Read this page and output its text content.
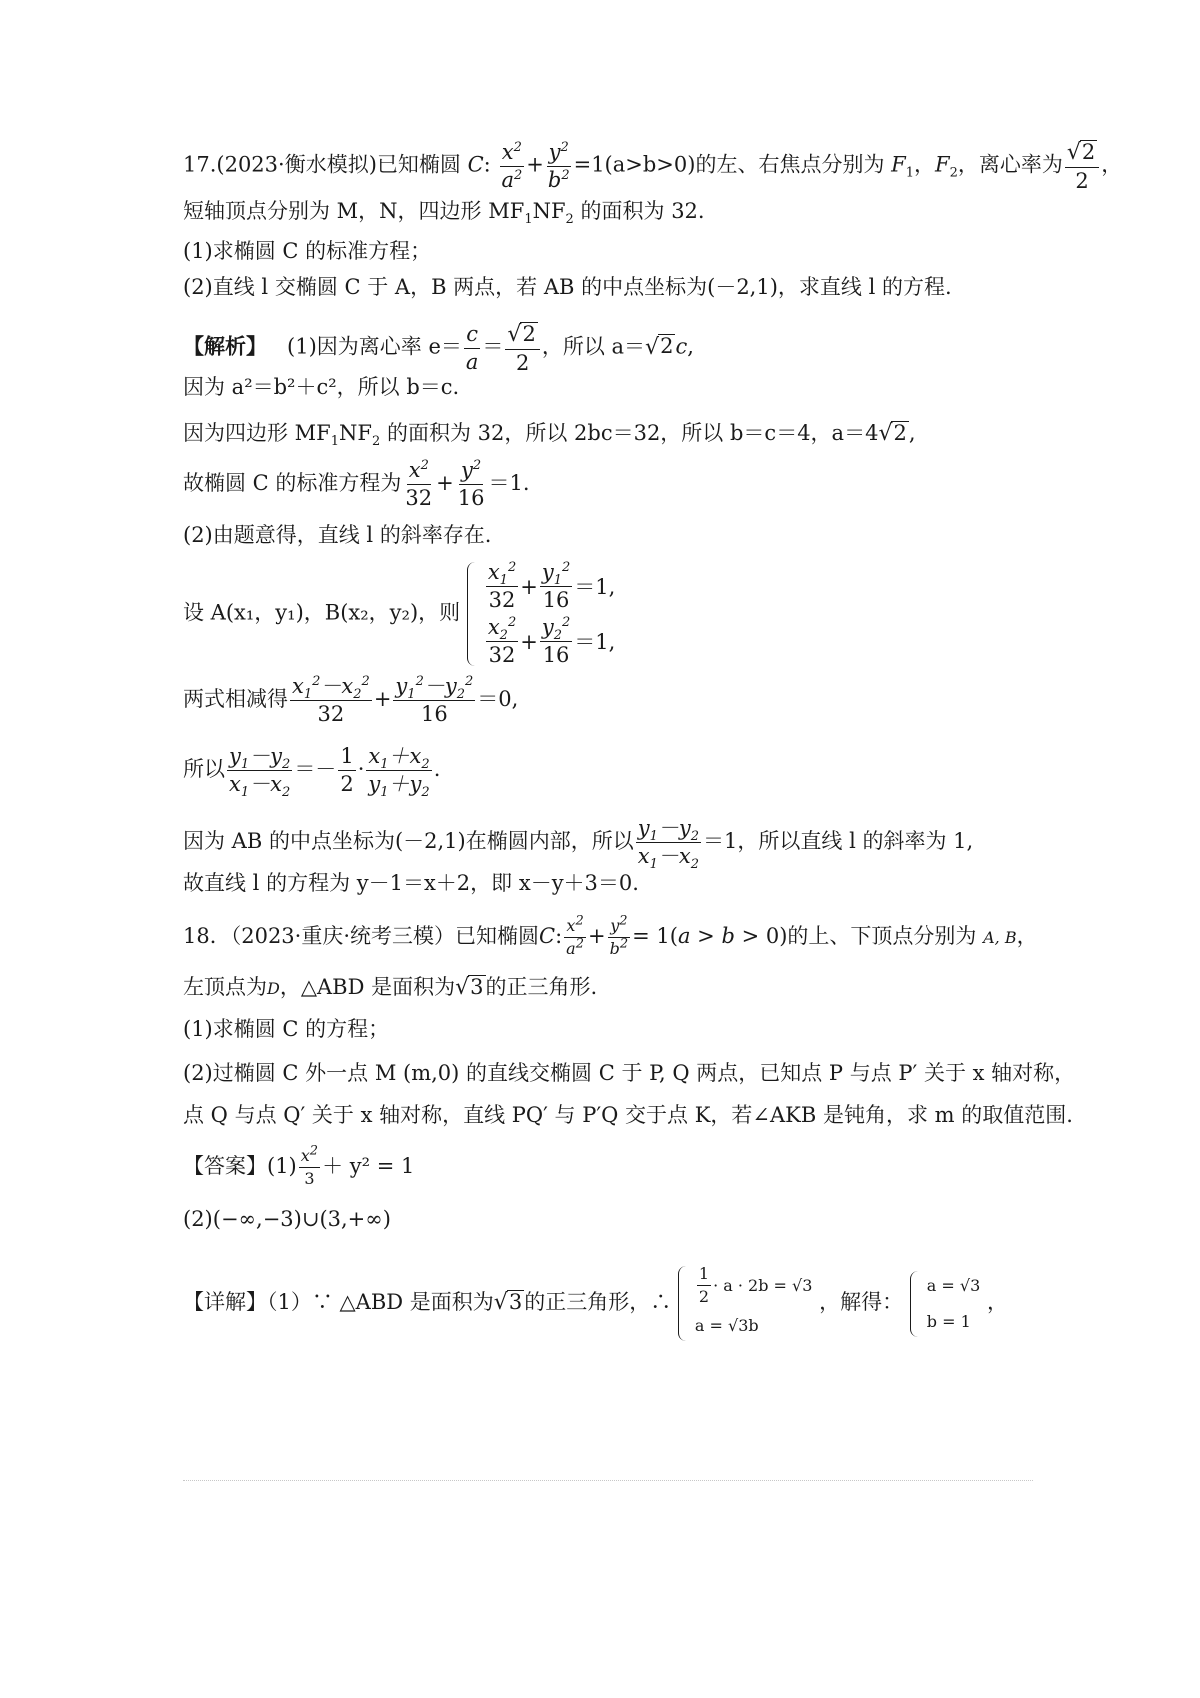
17.(2023·衡水模拟)已知椭圆 C: $\frac{x^2}{a^2} + \frac{y^2}{b^2} =1(a>b>0)$的左、右焦点分别为 $F_1$，$F_2$，离心率为 $\frac{√ 2}{2}$ ，
短轴顶点分别为 M，N，四边形 $MF_1NF_2$ 的面积为 32.
(1)求椭圆 C 的标准方程；
(2)直线 l 交椭圆 C 于 A，B 两点，若 AB 的中点坐标为(－2,1)，求直线 l 的方程.
【解析】 (1)因为离心率 $e= \frac{c}{a} = \frac{√ 2}{2}$ ，所以 a＝ √ 2 c,
因为 a²＝b²＋c²，所以 b＝c.
因为四边形 $MF_1NF_2$ 的面积为 32，所以 2bc＝32，所以 b＝c＝4，a＝4 √ 2 ,
故椭圆 C 的标准方程为 $\frac{x^2}{32} + \frac{y^2}{16} =1$.
(2)由题意得，直线 l 的斜率存在.
设 A(x₁，y₁)，B(x₂，y₂)，则
$\frac{x_1^2}{32} + \frac{y_1^2}{16} =1$,
$\frac{x_2^2}{32} + \frac{y_2^2}{16} =1$,
两式相减得 $\frac{x_1^2-x_2^2}{32} + \frac{y_1^2-y_2^2}{16} =0$,
所以 $\frac{y_1-y_2}{x_1-x_2} =- \frac{1}{2} \cdot \frac{x_1+x_2}{y_1+y_2}$ .
因为 AB 的中点坐标为(－2,1)在椭圆内部，所以 $\frac{y_1-y_2}{x_1-x_2} =1$，所以直线 l 的斜率为 1,
故直线 l 的方程为 y－1＝x＋2，即 x－y＋3＝0.
18．（2023·重庆·统考三模）已知椭圆C: $\frac{x^2}{a^2} + \frac{y^2}{b^2} = 1(a > b > 0)$的上、下顶点分别为 A, B，
左顶点为D，△ABD 是面积为 √ 3 的正三角形.
(1)求椭圆 C 的方程；
(2)过椭圆 C 外一点 M (m,0) 的直线交椭圆 C 于 P, Q 两点，已知点 P 与点 P′ 关于 x 轴对称，
点 Q 与点 Q′ 关于 x 轴对称，直线 PQ′ 与 P′Q 交于点 K，若∠AKB 是钝角，求 m 的取值范围.
【答案】$(1) \frac{x^2}{3} + y^2 = 1$
(2)(−∞,−3)∪(3,+∞)
【详解】（1）∵ △ABD 是面积为 √ 3 的正三角形，∴ $\frac{1}{2} \cdot a \cdot 2b = √3$
a = √3b
，解得：
a = √3
b = 1
，
